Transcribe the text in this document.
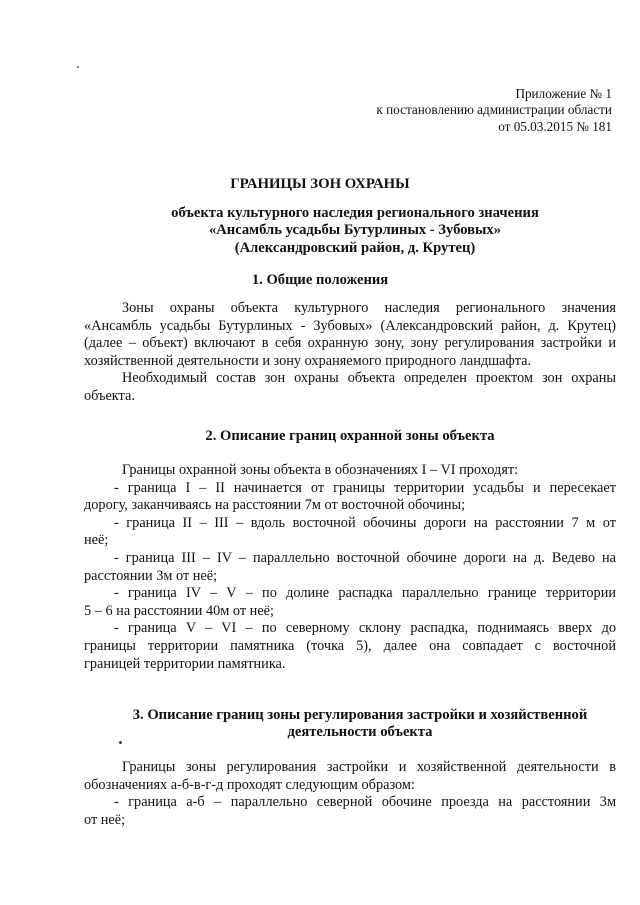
Приложение № 1
к постановлению администрации области
от 05.03.2015 № 181
ГРАНИЦЫ ЗОН ОХРАНЫ
объекта культурного наследия регионального значения
«Ансамбль усадьбы Бутурлиных - Зубовых»
(Александровский район, д. Крутец)
1. Общие положения
Зоны охраны объекта культурного наследия регионального значения
«Ансамбль усадьбы Бутурлиных - Зубовых» (Александровский район, д. Крутец)
(далее – объект) включают в себя охранную зону, зону регулирования застройки и
хозяйственной деятельности и зону охраняемого природного ландшафта.
Необходимый состав зон охраны объекта определен проектом зон охраны
объекта.
2. Описание границ охранной зоны объекта
Границы охранной зоны объекта в обозначениях I – VI проходят:
- граница I – II начинается от границы территории усадьбы и пересекает
дорогу, заканчиваясь на расстоянии 7м от восточной обочины;
- граница II – III – вдоль восточной обочины дороги на расстоянии 7 м от
неё;
- граница III – IV – параллельно восточной обочине дороги на д. Ведево на
расстоянии 3м от неё;
- граница IV – V – по долине распадка параллельно границе территории
5 – 6 на расстоянии 40м от неё;
- граница V – VI – по северному склону распадка, поднимаясь вверх до
границы территории памятника (точка 5), далее она совпадает с восточной
границей территории памятника.
3. Описание границ зоны регулирования застройки и хозяйственной
деятельности объекта
Границы зоны регулирования застройки и хозяйственной деятельности в
обозначениях а-б-в-г-д проходят следующим образом:
- граница а-б – параллельно северной обочине проезда на расстоянии 3м
от неё;
